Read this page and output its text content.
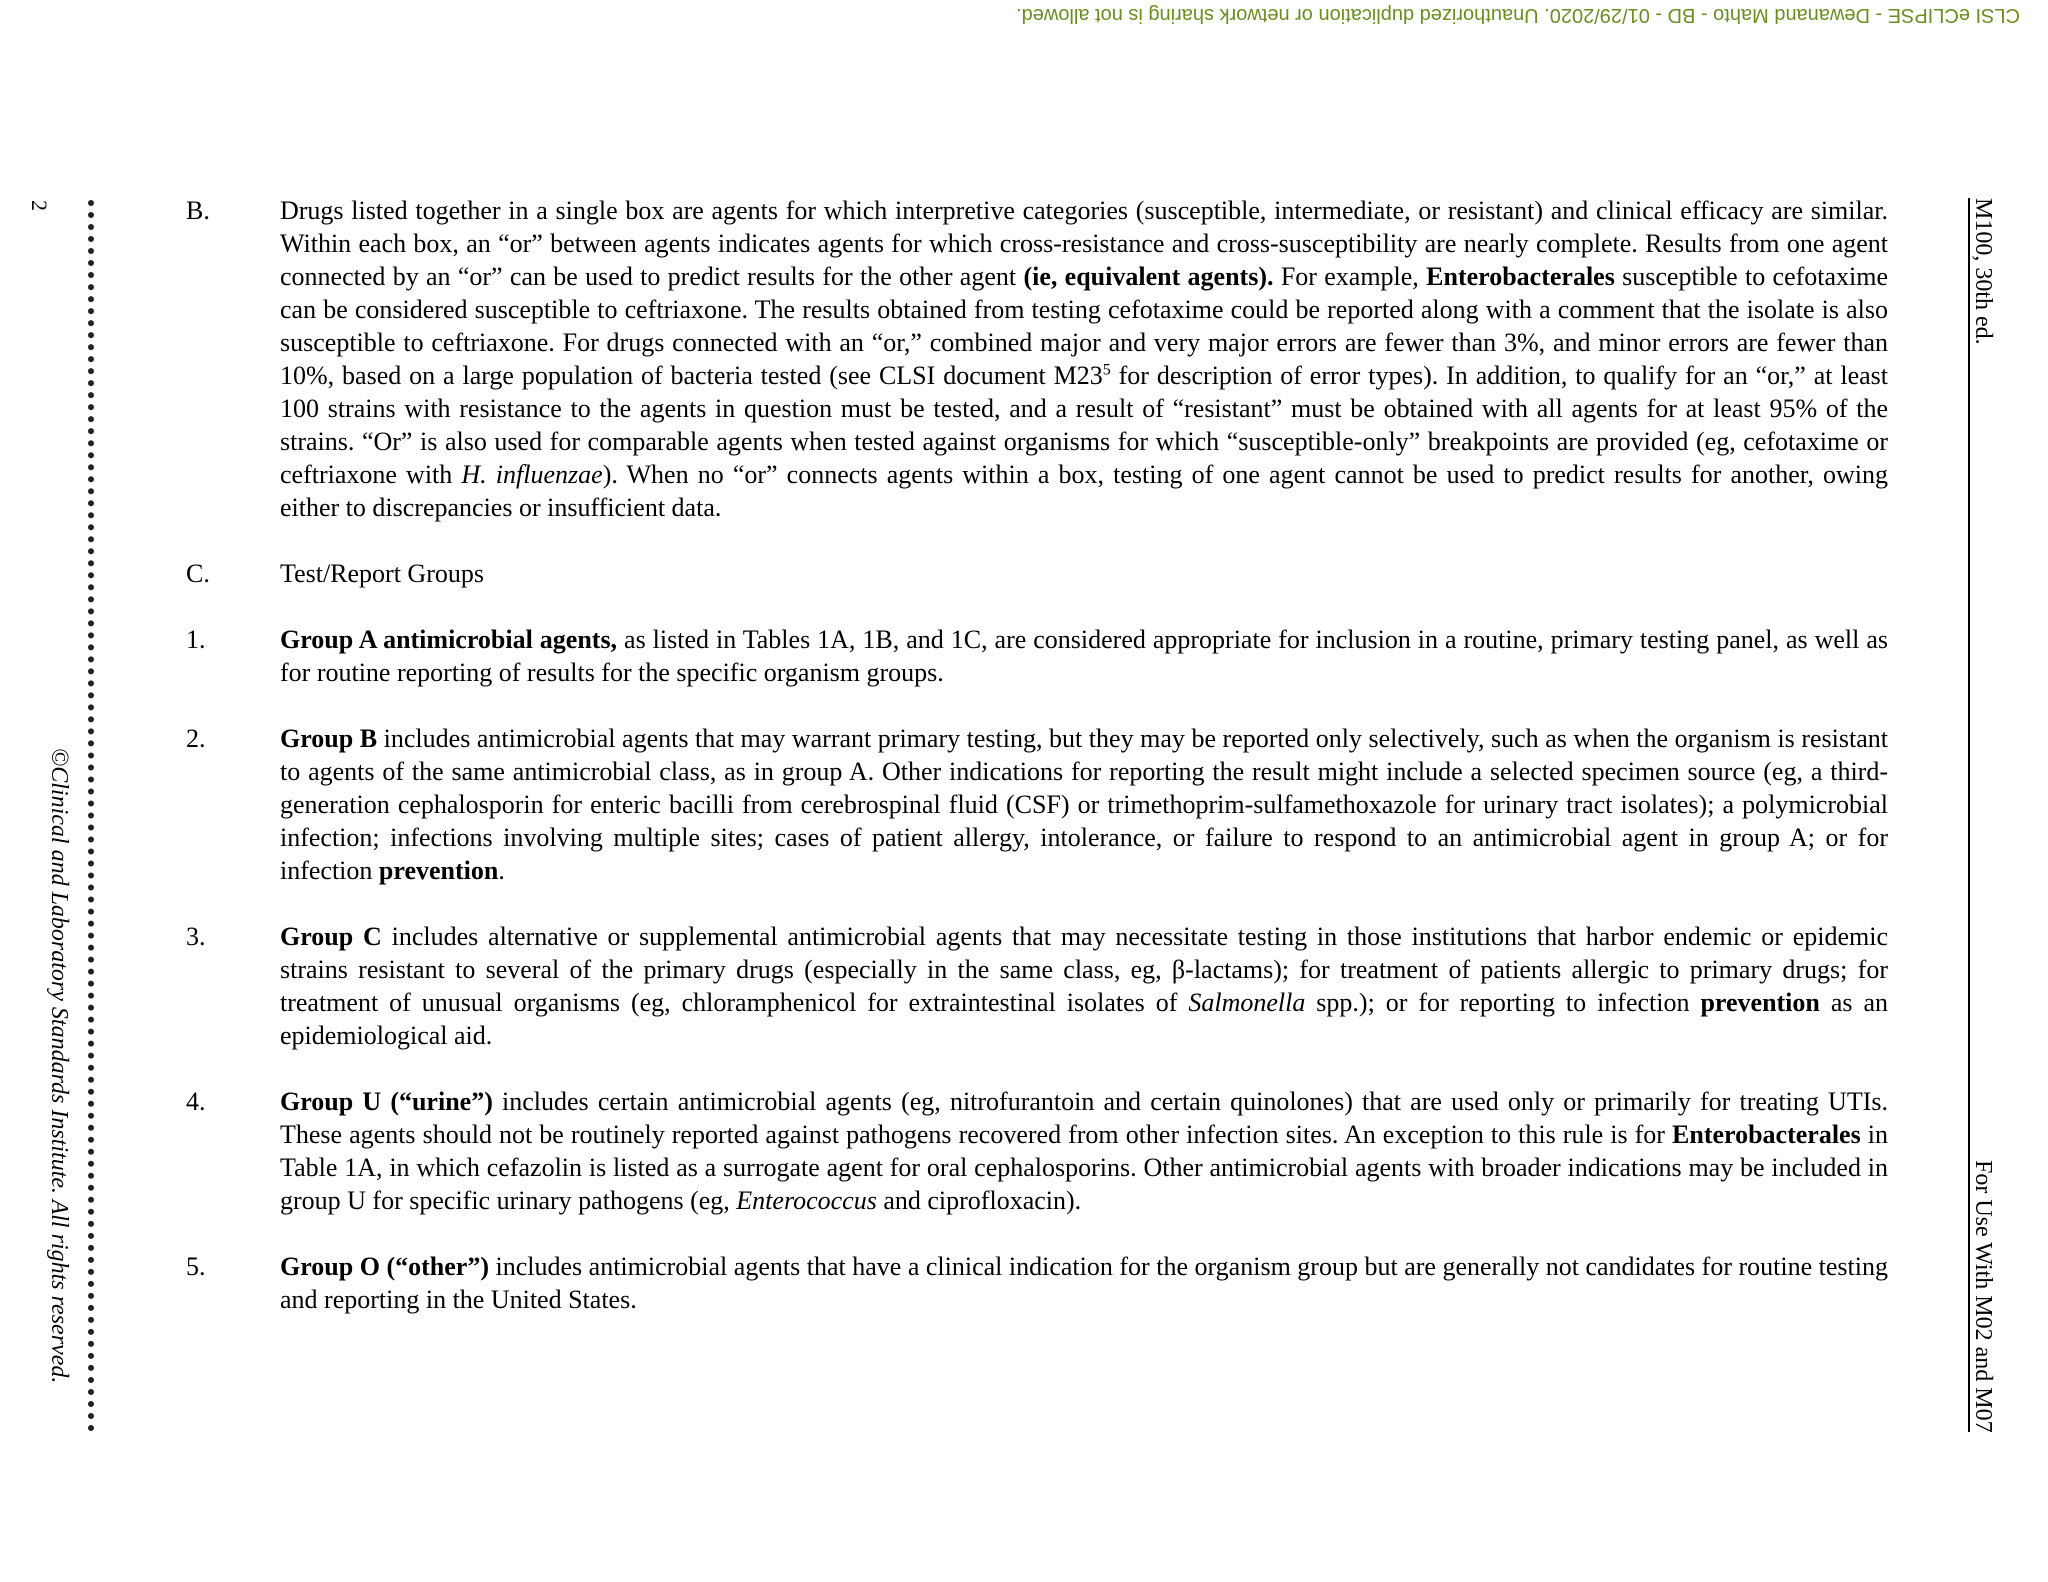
CLSI eCLIPSE - Dewanand Mahto - BD - 01/29/2020. Unauthorized duplication or network sharing is not allowed.
2
©Clinical and Laboratory Standards Institute. All rights reserved.
M100, 30th ed.
For Use With M02 and M07
B.	Drugs listed together in a single box are agents for which interpretive categories (susceptible, intermediate, or resistant) and clinical efficacy are similar. Within each box, an “or” between agents indicates agents for which cross-resistance and cross-susceptibility are nearly complete. Results from one agent connected by an “or” can be used to predict results for the other agent (ie, equivalent agents). For example, Enterobacterales susceptible to cefotaxime can be considered susceptible to ceftriaxone. The results obtained from testing cefotaxime could be reported along with a comment that the isolate is also susceptible to ceftriaxone. For drugs connected with an “or,” combined major and very major errors are fewer than 3%, and minor errors are fewer than 10%, based on a large population of bacteria tested (see CLSI document $M23^5$ for description of error types). In addition, to qualify for an “or,” at least 100 strains with resistance to the agents in question must be tested, and a result of “resistant” must be obtained with all agents for at least 95% of the strains. “Or” is also used for comparable agents when tested against organisms for which “susceptible-only” breakpoints are provided (eg, cefotaxime or ceftriaxone with H. influenzae). When no “or” connects agents within a box, testing of one agent cannot be used to predict results for another, owing either to discrepancies or insufficient data.
C.	Test/Report Groups
1.	Group A antimicrobial agents, as listed in Tables 1A, 1B, and 1C, are considered appropriate for inclusion in a routine, primary testing panel, as well as for routine reporting of results for the specific organism groups.
2.	Group B includes antimicrobial agents that may warrant primary testing, but they may be reported only selectively, such as when the organism is resistant to agents of the same antimicrobial class, as in group A. Other indications for reporting the result might include a selected specimen source (eg, a third-generation cephalosporin for enteric bacilli from cerebrospinal fluid (CSF) or trimethoprim-sulfamethoxazole for urinary tract isolates); a polymicrobial infection; infections involving multiple sites; cases of patient allergy, intolerance, or failure to respond to an antimicrobial agent in group A; or for infection prevention.
3.	Group C includes alternative or supplemental antimicrobial agents that may necessitate testing in those institutions that harbor endemic or epidemic strains resistant to several of the primary drugs (especially in the same class, eg, β-lactams); for treatment of patients allergic to primary drugs; for treatment of unusual organisms (eg, chloramphenicol for extraintestinal isolates of Salmonella spp.); or for reporting to infection prevention as an epidemiological aid.
4.	Group U (“urine”) includes certain antimicrobial agents (eg, nitrofurantoin and certain quinolones) that are used only or primarily for treating UTIs. These agents should not be routinely reported against pathogens recovered from other infection sites. An exception to this rule is for Enterobacterales in Table 1A, in which cefazolin is listed as a surrogate agent for oral cephalosporins. Other antimicrobial agents with broader indications may be included in group U for specific urinary pathogens (eg, Enterococcus and ciprofloxacin).
5.	Group O (“other”) includes antimicrobial agents that have a clinical indication for the organism group but are generally not candidates for routine testing and reporting in the United States.
